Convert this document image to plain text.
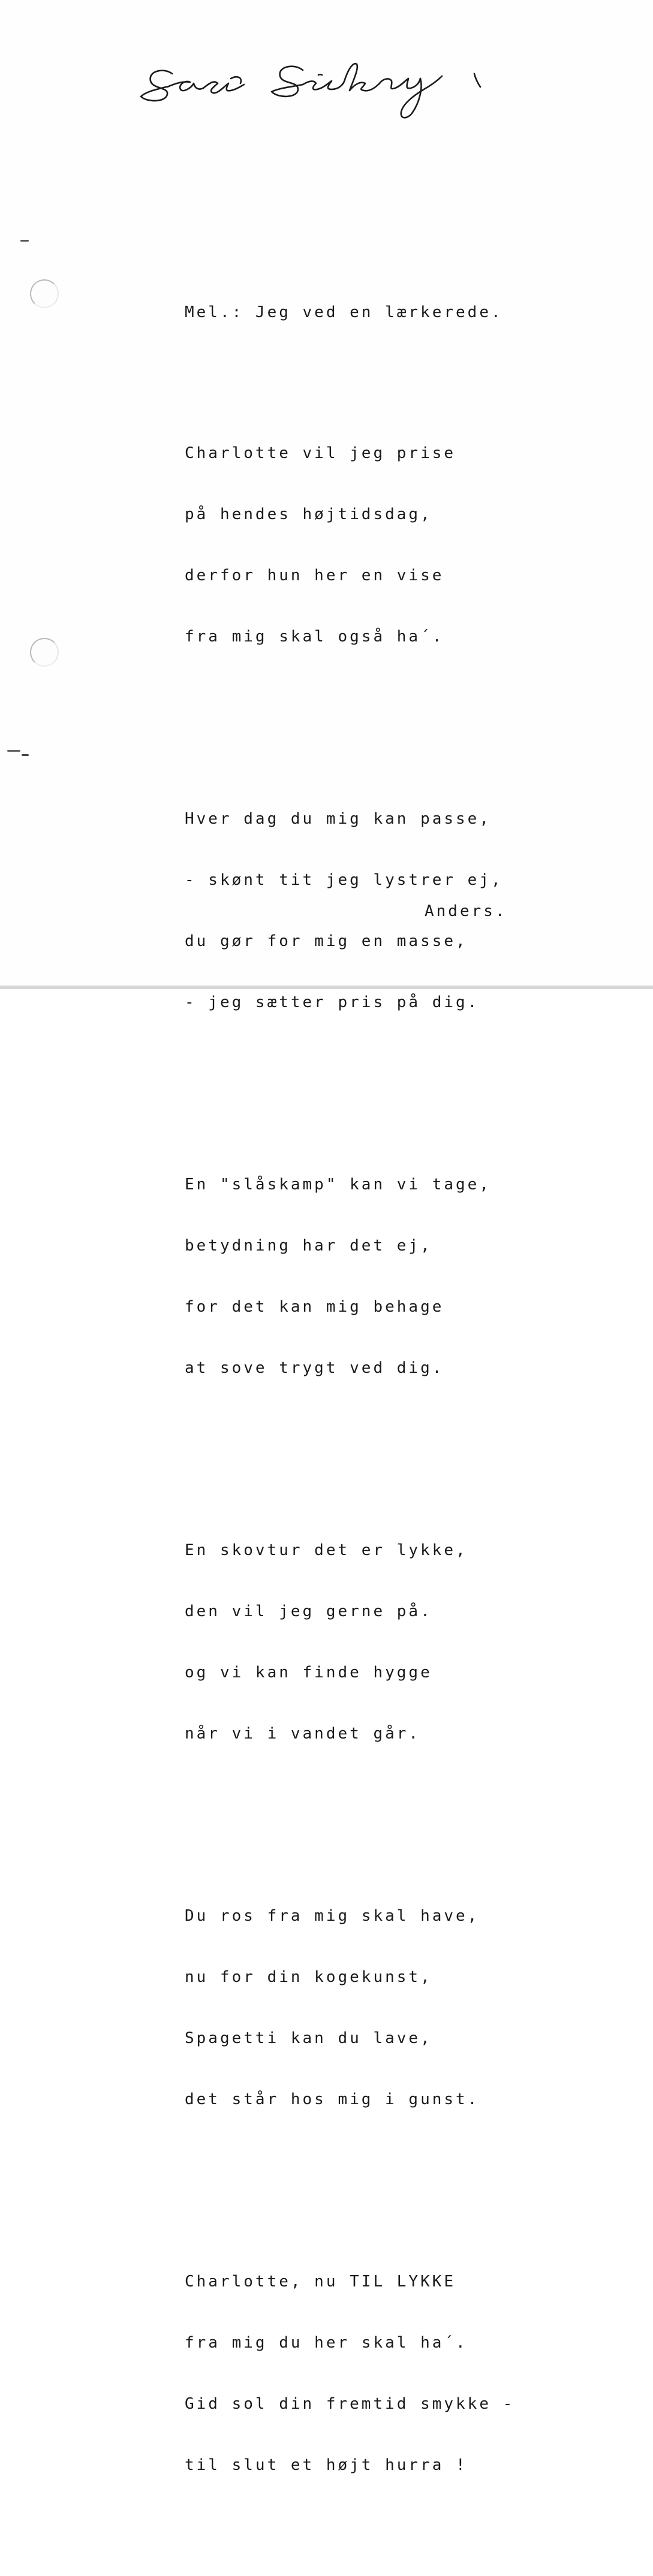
Mel.: Jeg ved en lærkerede.

Charlotte vil jeg prise

på hendes højtidsdag,

derfor hun her en vise

fra mig skal også ha´.

Hver dag du mig kan passe,

- skønt tit jeg lystrer ej,

du gør for mig en masse,

- jeg sætter pris på dig.

En "slåskamp" kan vi tage,

betydning har det ej,

for det kan mig behage

at sove trygt ved dig.

En skovtur det er lykke,

den vil jeg gerne på.

og vi kan finde hygge

når vi i vandet går.

Du ros fra mig skal have,

nu for din kogekunst,

Spagetti kan du lave,

det står hos mig i gunst.

Charlotte, nu TIL LYKKE

fra mig du her skal ha´.

Gid sol din fremtid smykke -

til slut et højt hurra !

Anders.
